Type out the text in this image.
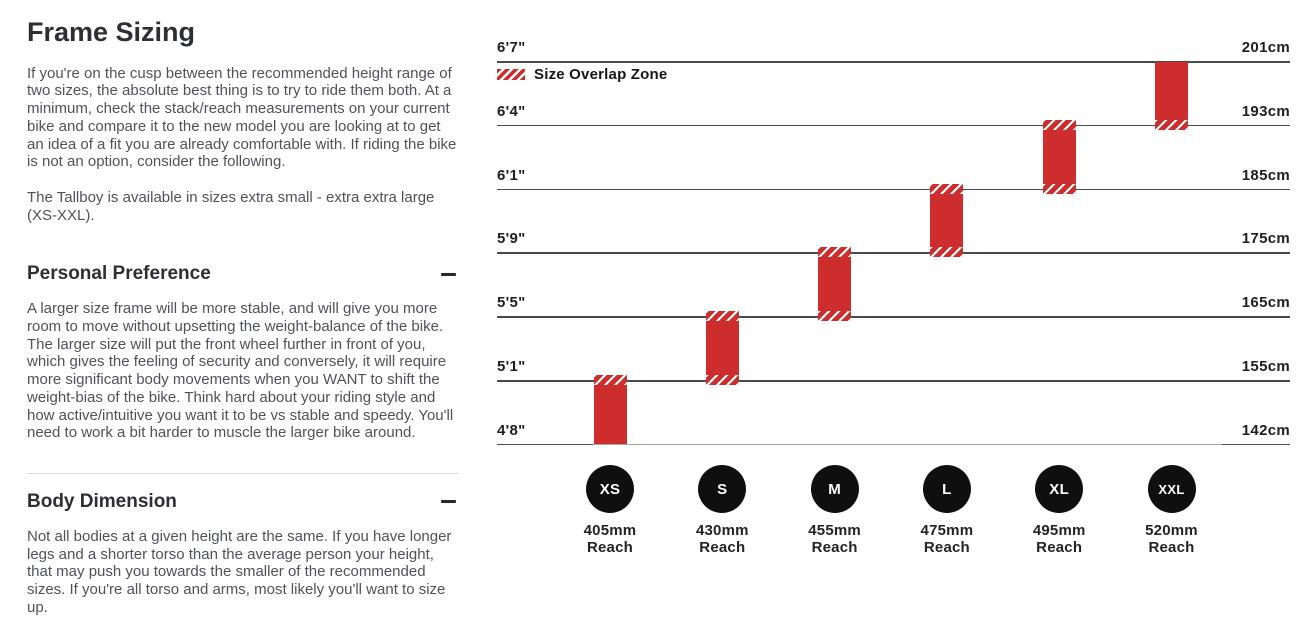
Frame Sizing

If you're on the cusp between the recommended height range of two sizes, the absolute best thing is to try to ride them both. At a minimum, check the stack/reach measurements on your current bike and compare it to the new model you are looking at to get an idea of a fit you are already comfortable with. If riding the bike is not an option, consider the following.

The Tallboy is available in sizes extra small - extra extra large (XS-XXL).

Personal Preference

A larger size frame will be more stable, and will give you more room to move without upsetting the weight-balance of the bike. The larger size will put the front wheel further in front of you, which gives the feeling of security and conversely, it will require more significant body movements when you WANT to shift the weight-bias of the bike. Think hard about your riding style and how active/intuitive you want it to be vs stable and speedy. You'll need to work a bit harder to muscle the larger bike around.

Body Dimension

Not all bodies at a given height are the same. If you have longer legs and a shorter torso than the average person your height, that may push you towards the smaller of the recommended sizes. If you're all torso and arms, most likely you'll want to size up.

Size Overlap Zone
6'7"	201cm
6'4"	193cm
6'1"	185cm
5'9"	175cm
5'5"	165cm
5'1"	155cm
4'8"	142cm
XS
405mm
Reach
S
430mm
Reach
M
455mm
Reach
L
475mm
Reach
XL
495mm
Reach
XXL
520mm
Reach
